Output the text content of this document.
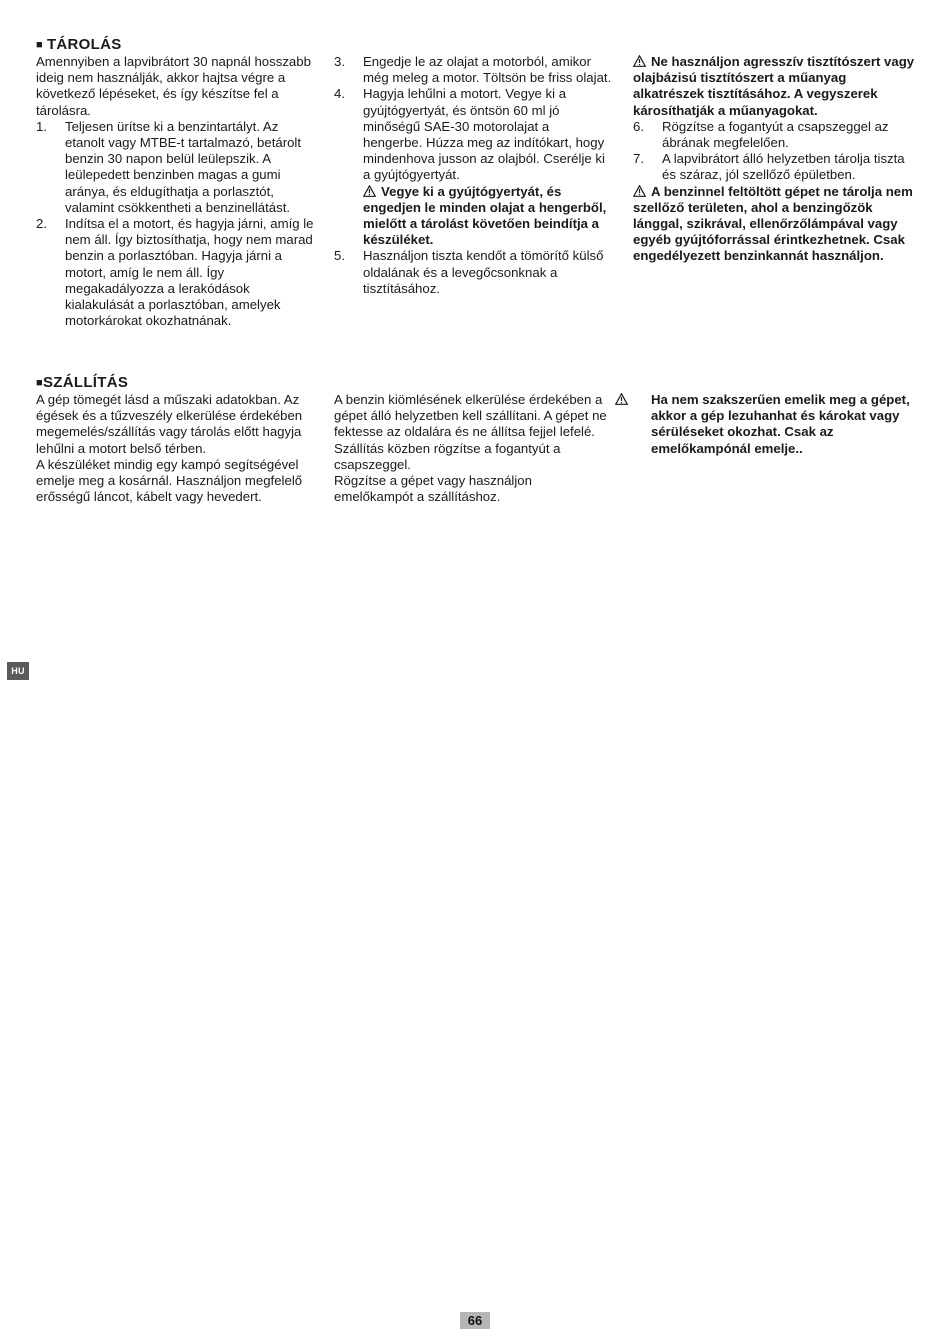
■ TÁROLÁS

Amennyiben a lapvibrátort 30 napnál hosszabb ideig nem használják, akkor hajtsa végre a következő lépéseket, és így készítse fel a tárolásra.

1. Teljesen ürítse ki a benzintartályt. Az etanolt vagy MTBE-t tartalmazó, betárolt benzin 30 napon belül leülepszik. A leülepedett benzinben magas a gumi aránya, és eldugíthatja a porlasztót, valamint csökkentheti a benzinellátást.
2. Indítsa el a motort, és hagyja járni, amíg le nem áll. Így biztosíthatja, hogy nem marad benzin a porlasztóban. Hagyja járni a motort, amíg le nem áll. Így megakadályozza a lerakódások kialakulását a porlasztóban, amelyek motorkárokat okozhatnának.
3. Engedje le az olajat a motorból, amikor még meleg a motor. Töltsön be friss olajat.
4. Hagyja lehűlni a motort. Vegye ki a gyújtógyertyát, és öntsön 60 ml jó minőségű SAE-30 motorolajat a hengerbe. Húzza meg az indítókart, hogy mindenhova jusson az olajból. Cserélje ki a gyújtógyertyát.

Vegye ki a gyújtógyertyát, és engedjen le minden olajat a hengerből, mielőtt a tárolást követően beindítja a készüléket.

5. Használjon tiszta kendőt a tömörítő külső oldalának és a levegőcsonknak a tisztításához.

Ne használjon agresszív tisztítószert vagy olajbázisú tisztítószert a műanyag alkatrészek tisztításához. A vegyszerek károsíthatják a műanyagokat.

6. Rögzítse a fogantyút a csapszeggel az ábrának megfelelően.
7. A lapvibrátort álló helyzetben tárolja tiszta és száraz, jól szellőző épületben.

A benzinnel feltöltött gépet ne tárolja nem szellőző területen, ahol a benzingőzök lánggal, szikrával, ellenőrzőlámpával vagy egyéb gyújtóforrással érintkezhetnek. Csak engedélyezett benzinkannát használjon.

■SZÁLLÍTÁS

A gép tömegét lásd a műszaki adatokban. Az égések és a tűzveszély elkerülése érdekében megemelés/szállítás vagy tárolás előtt hagyja lehűlni a motort belső térben.

A készüléket mindig egy kampó segítségével emelje meg a kosárnál. Használjon megfelelő erősségű láncot, kábelt vagy hevedert.

A benzin kiömlésének elkerülése érdekében a gépet álló helyzetben kell szállítani. A gépet ne fektesse az oldalára és ne állítsa fejjel lefelé. Szállítás közben rögzítse a fogantyút a csapszeggel.

Rögzítse a gépet vagy használjon emelőkampót a szállításhoz.

Ha nem szakszerűen emelik meg a gépet, akkor a gép lezuhanhat és károkat vagy sérüléseket okozhat. Csak az emelőkampónál emelje..

HU
66
